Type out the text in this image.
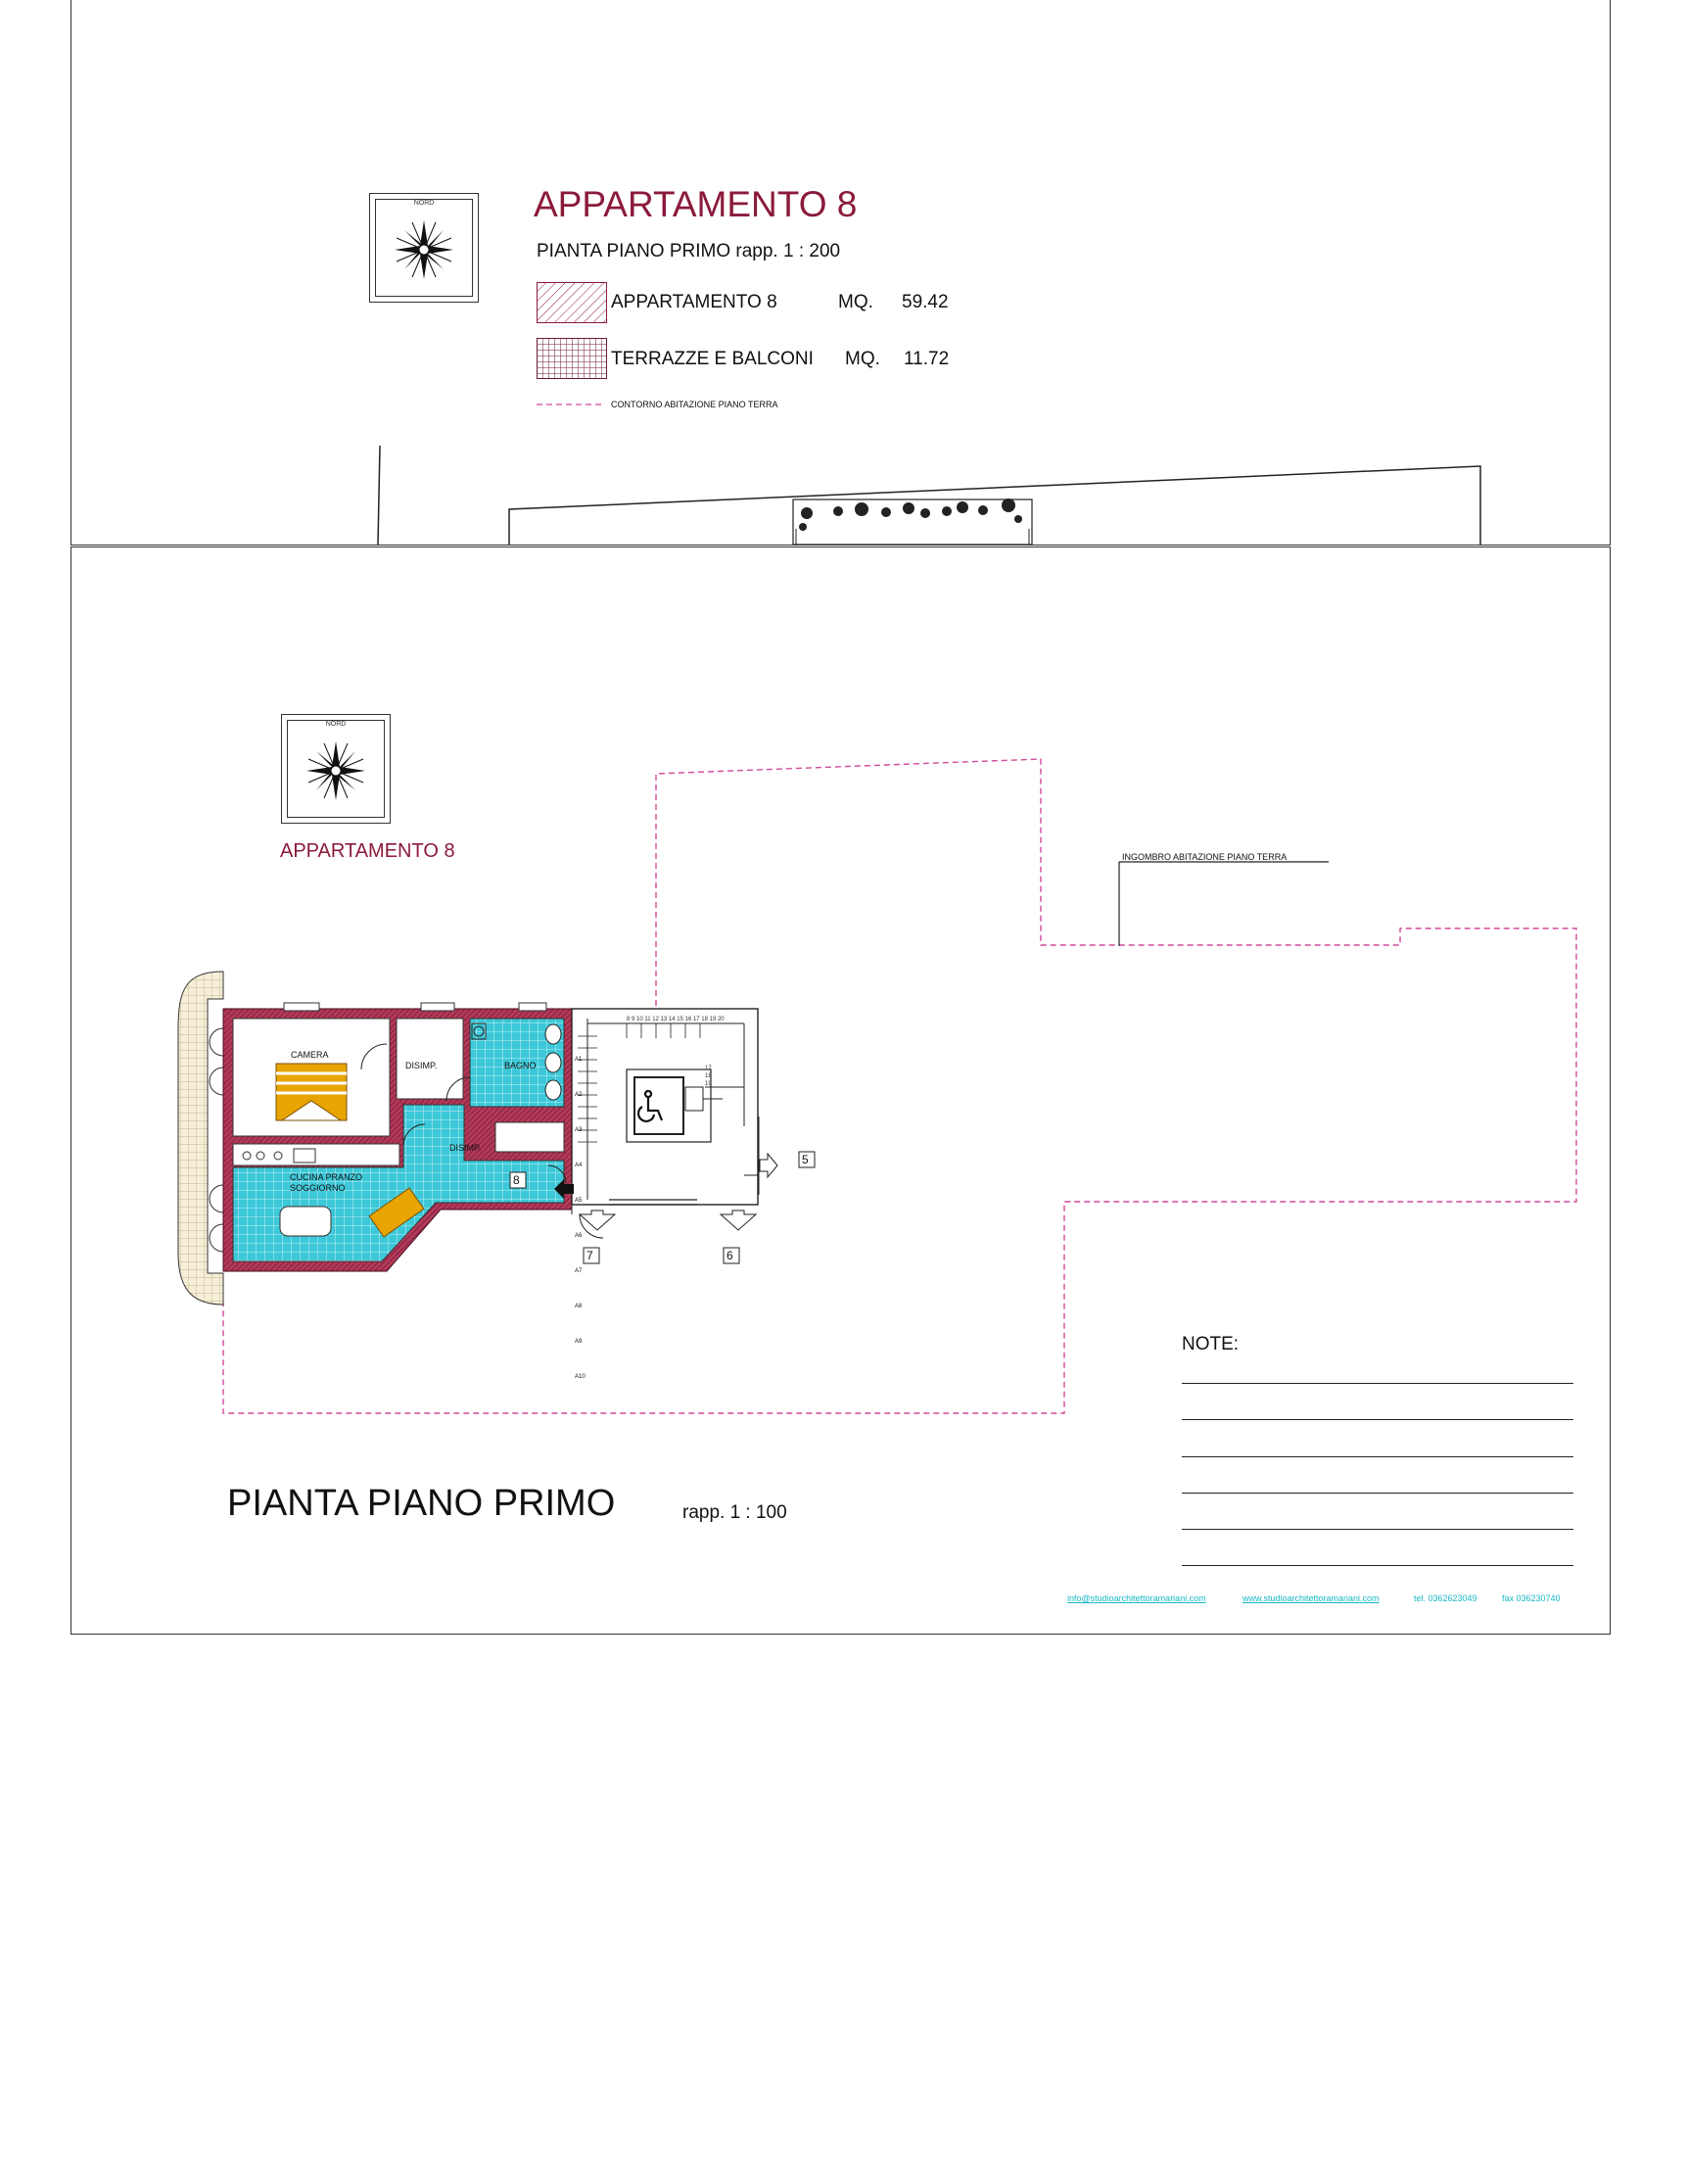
NORD	APPARTAMENTO 8
PIANTA PIANO PRIMO rapp. 1 : 200
APPARTAMENTO 8	MQ. 59.42
TERRAZZE E BALCONI MQ. 11.72
CONTORNO ABITAZIONE PIANO TERRA
NORD
APPARTAMENTO 8
8 9 10 11 12 13 14 15 16 17 18 19 20
17
18
19

A1

A2

A3

A4

A5

A6

A7

A8

A9

A10

CAMERA
DISIMP.	BAGNO
DISIMP.
CUCINA PRANZO
SOGGIORNO
5
6
7
8
INGOMBRO ABITAZIONE PIANO TERRA
NOTE:
PIANTA PIANO PRIMO	rapp. 1 : 100
info@studioarchitettoramariani.com	www.studioarchitettoramariani.com	tel. 0362623049	fax 036230740
